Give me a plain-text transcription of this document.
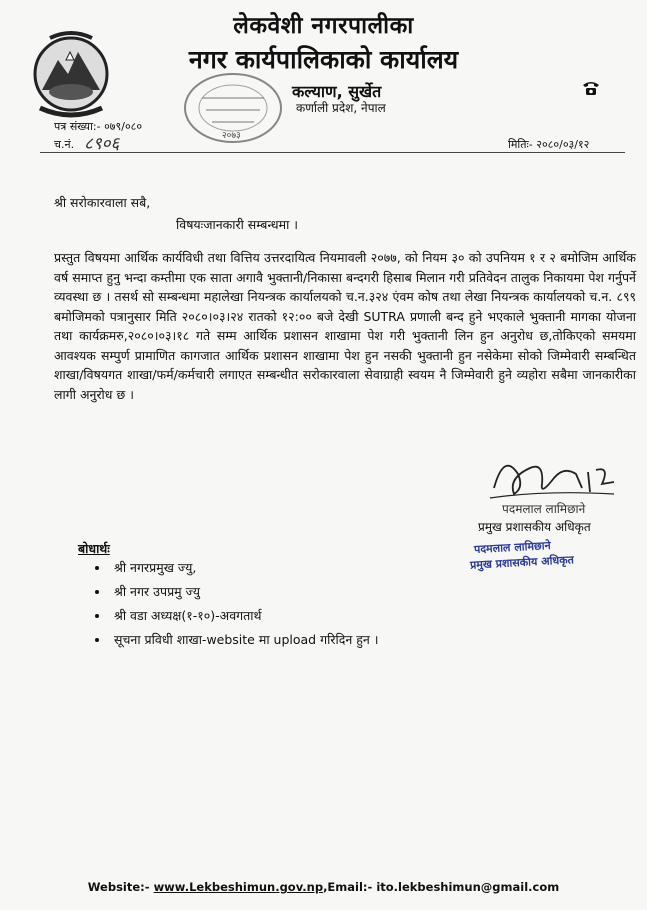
२०७३
लेकवेशी नगरपालीका
नगर कार्यपालिकाको कार्यालय
कल्याण, सुर्खेत
कर्णाली प्रदेश, नेपाल
पत्र संख्या:- ०७९/०८०
च.नं. ८९०६	मितिः- २०८०/०३/१२
श्री सरोकारवाला सबै,
विषयःजानकारी सम्बन्धमा ।
प्रस्तुत विषयमा आर्थिक कार्यविधी तथा वित्तिय उत्तरदायित्व नियमावली २०७७, को नियम ३० को उपनियम १ र २ बमोजिम आर्थिक वर्ष समाप्त हुनु भन्दा कम्तीमा एक साता अगावै भुक्तानी/निकासा बन्दगरी हिसाब मिलान गरी प्रतिवेदन तालुक निकायमा पेश गर्नुपर्ने व्यवस्था छ । तसर्थ सो सम्बन्धमा महालेखा नियन्त्रक कार्यालयको च.न.३२४ एंवम कोष तथा लेखा नियन्त्रक कार्यालयको च.न. ८९९ बमोजिमको पत्रानुसार मिति २०८०।०३।२४ रातको १२:०० बजे देखी SUTRA प्रणाली बन्द हुने भएकाले भुक्तानी मागका योजना तथा कार्यक्रमरु,२०८०।०३।१८ गते सम्म आर्थिक प्रशासन शाखामा पेश गरी भुक्तानी लिन हुन अनुरोध छ,तोकिएको समयमा आवश्यक सम्पुर्ण प्रामाणित कागजात आर्थिक प्रशासन शाखामा पेश हुन नसकी भुक्तानी हुन नसेकेमा सोको जिम्मेवारी सम्बन्धित शाखा/विषयगत शाखा/फर्म/कर्मचारी लगाएत सम्बन्धीत सरोकारवाला सेवाग्राही स्वयम नै जिम्मेवारी हुने व्यहोरा सबैमा जानकारीका लागी अनुरोध छ ।
पदमलाल लामिछाने
प्रमुख प्रशासकीय अधिकृत
पदमलाल लामिछाने
प्रमुख प्रशासकीय अधिकृत
बोधार्थः
• श्री नगरप्रमुख ज्यु,
• श्री नगर उपप्रमु ज्यु
• श्री वडा अध्यक्ष(१-१०)-अवगतार्थ
• सूचना प्रविधी शाखा-website मा upload गरिदिन हुन ।
Website:- www.Lekbeshimun.gov.np,Email:- ito.lekbeshimun@gmail.com
